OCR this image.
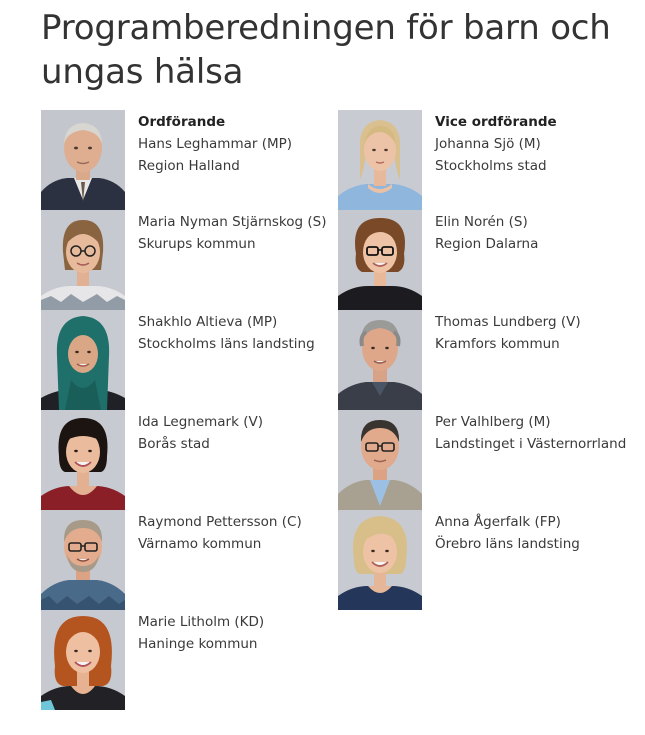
Programberedningen för barn och ungas hälsa
Ordförande
Hans Leghammar (MP)
Region Halland
Vice ordförande
Johanna Sjö (M)
Stockholms stad
Maria Nyman Stjärnskog (S)
Skurups kommun
Elin Norén (S)
Region Dalarna
Shakhlo Altieva (MP)
Stockholms läns landsting
Thomas Lundberg (V)
Kramfors kommun
Ida Legnemark (V)
Borås stad
Per Valhlberg (M)
Landstinget i Västernorrland
Raymond Pettersson (C)
Värnamo kommun
Anna Ågerfalk (FP)
Örebro läns landsting
Marie Litholm (KD)
Haninge kommun
